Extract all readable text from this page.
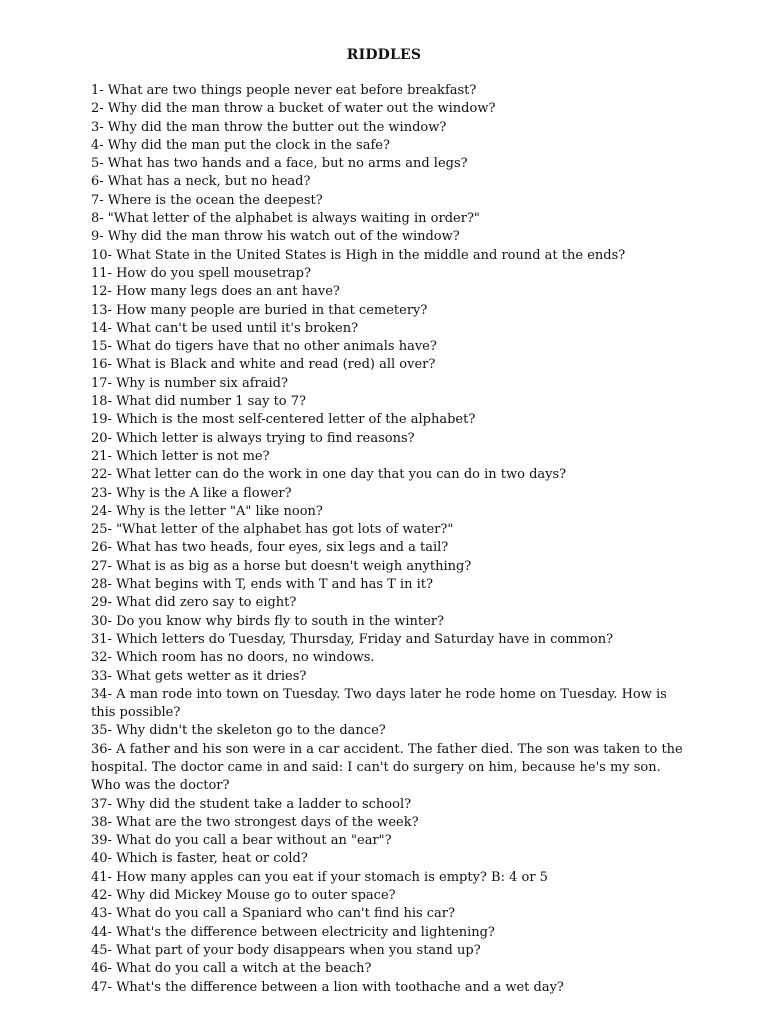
RIDDLES
1- What are two things people never eat before breakfast?
2- Why did the man throw a bucket of water out the window?
3- Why did the man throw the butter out the window?
4- Why did the man put the clock in the safe?
5- What has two hands and a face, but no arms and legs?
6- What has a neck, but no head?
7- Where is the ocean the deepest?
8- "What letter of the alphabet is always waiting in order?"
9- Why did the man throw his watch out of the window?
10- What State in the United States is High in the middle and round at the ends?
11- How do you spell mousetrap?
12- How many legs does an ant have?
13- How many people are buried in that cemetery?
14- What can't be used until it's broken?
15- What do tigers have that no other animals have?
16- What is Black and white and read (red) all over?
17- Why is number six afraid?
18- What did number 1 say to 7?
19- Which is the most self-centered letter of the alphabet?
20- Which letter is always trying to find reasons?
21- Which letter is not me?
22- What letter can do the work in one day that you can do in two days?
23- Why is the A like a flower?
24- Why is the letter "A" like noon?
25- "What letter of the alphabet has got lots of water?"
26- What has two heads, four eyes, six legs and a tail?
27- What is as big as a horse but doesn't weigh anything?
28- What begins with T, ends with T and has T in it?
29- What did zero say to eight?
30- Do you know why birds fly to south in the winter?
31- Which letters do Tuesday, Thursday, Friday and Saturday have in common?
32- Which room has no doors, no windows.
33- What gets wetter as it dries?
34- A man rode into town on Tuesday. Two days later he rode home on Tuesday. How is this possible?
35- Why didn't the skeleton go to the dance?
36- A father and his son were in a car accident. The father died. The son was taken to the hospital. The doctor came in and said: I can't do surgery on him, because he's my son. Who was the doctor?
37- Why did the student take a ladder to school?
38- What are the two strongest days of the week?
39- What do you call a bear without an "ear"?
40- Which is faster, heat or cold?
41- How many apples can you eat if your stomach is empty? B: 4 or 5
42- Why did Mickey Mouse go to outer space?
43- What do you call a Spaniard who can't find his car?
44- What's the difference between electricity and lightening?
45- What part of your body disappears when you stand up?
46- What do you call a witch at the beach?
47- What's the difference between a lion with toothache and a wet day?
